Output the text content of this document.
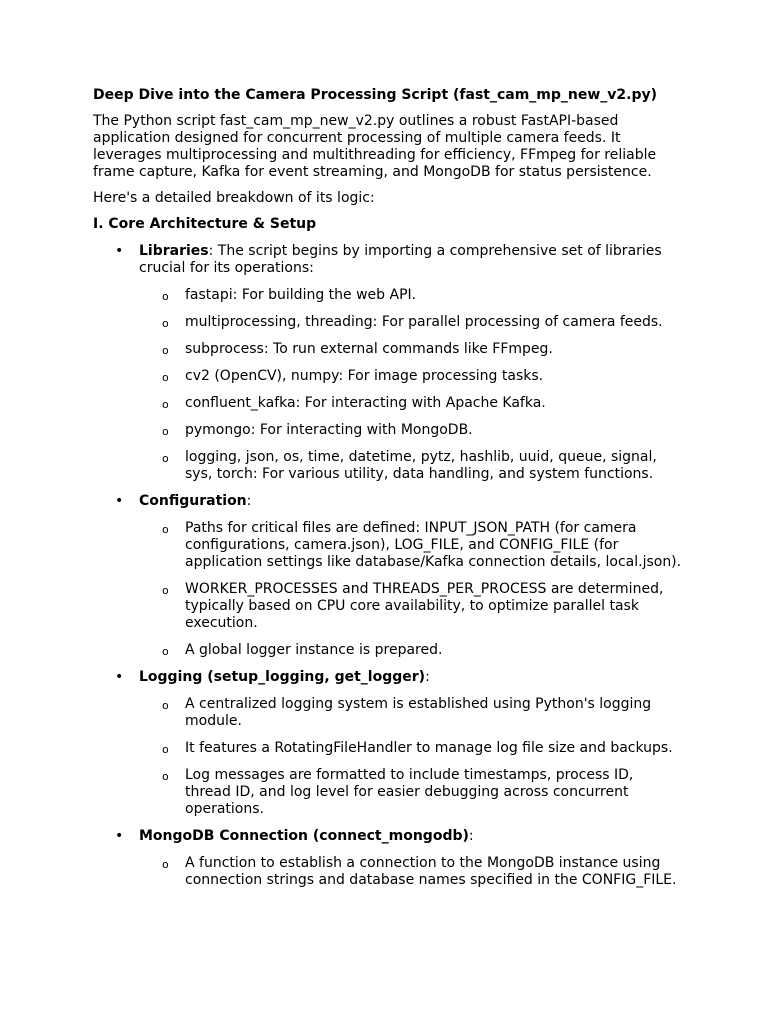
Deep Dive into the Camera Processing Script (fast_cam_mp_new_v2.py)
The Python script fast_cam_mp_new_v2.py outlines a robust FastAPI-based application designed for concurrent processing of multiple camera feeds. It leverages multiprocessing and multithreading for efficiency, FFmpeg for reliable frame capture, Kafka for event streaming, and MongoDB for status persistence.
Here's a detailed breakdown of its logic:
I. Core Architecture & Setup
• Libraries: The script begins by importing a comprehensive set of libraries crucial for its operations:
o fastapi: For building the web API.
o multiprocessing, threading: For parallel processing of camera feeds.
o subprocess: To run external commands like FFmpeg.
o cv2 (OpenCV), numpy: For image processing tasks.
o confluent_kafka: For interacting with Apache Kafka.
o pymongo: For interacting with MongoDB.
o logging, json, os, time, datetime, pytz, hashlib, uuid, queue, signal, sys, torch: For various utility, data handling, and system functions.
• Configuration:
o Paths for critical files are defined: INPUT_JSON_PATH (for camera configurations, camera.json), LOG_FILE, and CONFIG_FILE (for application settings like database/Kafka connection details, local.json).
o WORKER_PROCESSES and THREADS_PER_PROCESS are determined, typically based on CPU core availability, to optimize parallel task execution.
o A global logger instance is prepared.
• Logging (setup_logging, get_logger):
o A centralized logging system is established using Python's logging module.
o It features a RotatingFileHandler to manage log file size and backups.
o Log messages are formatted to include timestamps, process ID, thread ID, and log level for easier debugging across concurrent operations.
• MongoDB Connection (connect_mongodb):
o A function to establish a connection to the MongoDB instance using connection strings and database names specified in the CONFIG_FILE.
